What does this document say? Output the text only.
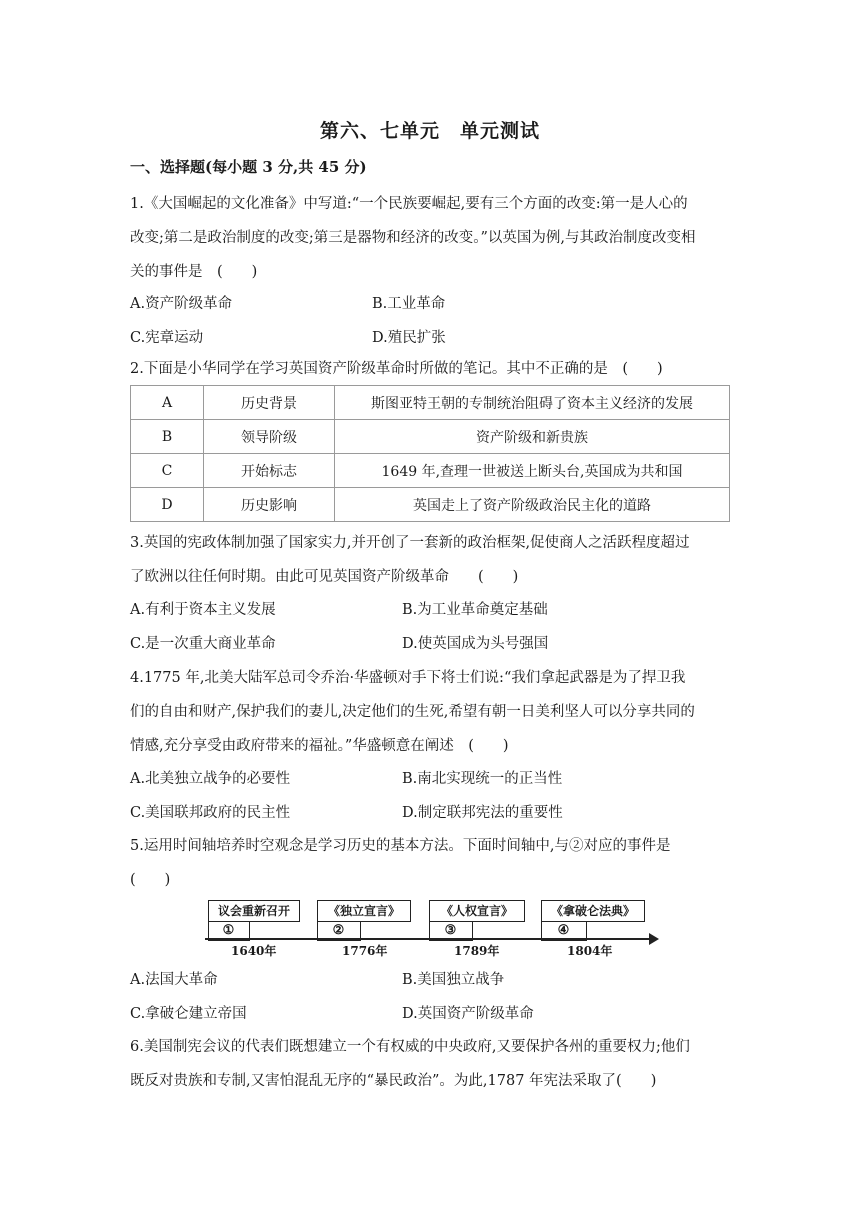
第六、七单元　单元测试
一、选择题(每小题 3 分,共 45 分)
1.《大国崛起的文化准备》中写道:“一个民族要崛起,要有三个方面的改变:第一是人心的
改变;第二是政治制度的改变;第三是器物和经济的改变。”以英国为例,与其政治制度改变相
关的事件是　(　　)
A.资产阶级革命	B.工业革命
C.宪章运动	D.殖民扩张
2.下面是小华同学在学习英国资产阶级革命时所做的笔记。其中不正确的是　(　　)
A	历史背景	斯图亚特王朝的专制统治阻碍了资本主义经济的发展
B	领导阶级	资产阶级和新贵族
C	开始标志	1649 年,查理一世被送上断头台,英国成为共和国
D	历史影响	英国走上了资产阶级政治民主化的道路
3.英国的宪政体制加强了国家实力,并开创了一套新的政治框架,促使商人之活跃程度超过
了欧洲以往任何时期。由此可见英国资产阶级革命　　(　　)
A.有利于资本主义发展	B.为工业革命奠定基础
C.是一次重大商业革命	D.使英国成为头号强国
4.1775 年,北美大陆军总司令乔治·华盛顿对手下将士们说:“我们拿起武器是为了捍卫我
们的自由和财产,保护我们的妻儿,决定他们的生死,希望有朝一日美利坚人可以分享共同的
情感,充分享受由政府带来的福祉。”华盛顿意在阐述　(　　)
A.北美独立战争的必要性	B.南北实现统一的正当性
C.美国联邦政府的民主性	D.制定联邦宪法的重要性
5.运用时间轴培养时空观念是学习历史的基本方法。下面时间轴中,与②对应的事件是
(　　)
议会重新召开
①
《独立宣言》
②
《人权宣言》
③
《拿破仑法典》
④
1640年	1776年	1789年	1804年
A.法国大革命	B.美国独立战争
C.拿破仑建立帝国	D.英国资产阶级革命
6.美国制宪会议的代表们既想建立一个有权威的中央政府,又要保护各州的重要权力;他们
既反对贵族和专制,又害怕混乱无序的“暴民政治”。为此,1787 年宪法采取了(　　)
